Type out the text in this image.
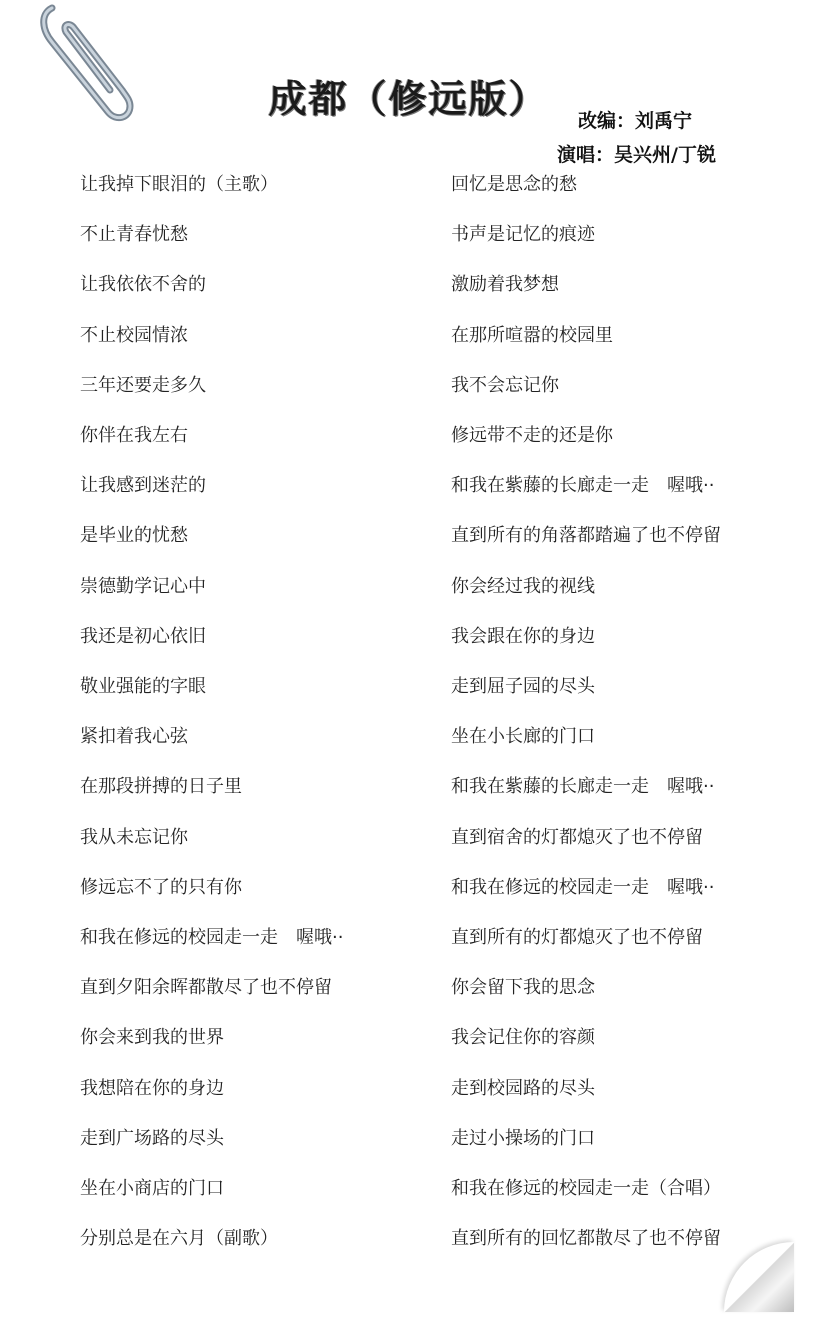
成都（修远版）	改编：刘禹宁
演唱：吴兴州/丁锐
让我掉下眼泪的（主歌）
不止青春忧愁
让我依依不舍的
不止校园情浓
三年还要走多久
你伴在我左右
让我感到迷茫的
是毕业的忧愁
崇德勤学记心中
我还是初心依旧
敬业强能的字眼
紧扣着我心弦
在那段拼搏的日子里
我从未忘记你
修远忘不了的只有你
和我在修远的校园走一走　喔哦··
直到夕阳余晖都散尽了也不停留
你会来到我的世界
我想陪在你的身边
走到广场路的尽头
坐在小商店的门口
分别总是在六月（副歌）
回忆是思念的愁
书声是记忆的痕迹
激励着我梦想
在那所喧嚣的校园里
我不会忘记你
修远带不走的还是你
和我在紫藤的长廊走一走　喔哦··
直到所有的角落都踏遍了也不停留
你会经过我的视线
我会跟在你的身边
走到屈子园的尽头
坐在小长廊的门口
和我在紫藤的长廊走一走　喔哦··
直到宿舍的灯都熄灭了也不停留
和我在修远的校园走一走　喔哦··
直到所有的灯都熄灭了也不停留
你会留下我的思念
我会记住你的容颜
走到校园路的尽头
走过小操场的门口
和我在修远的校园走一走（合唱）
直到所有的回忆都散尽了也不停留
